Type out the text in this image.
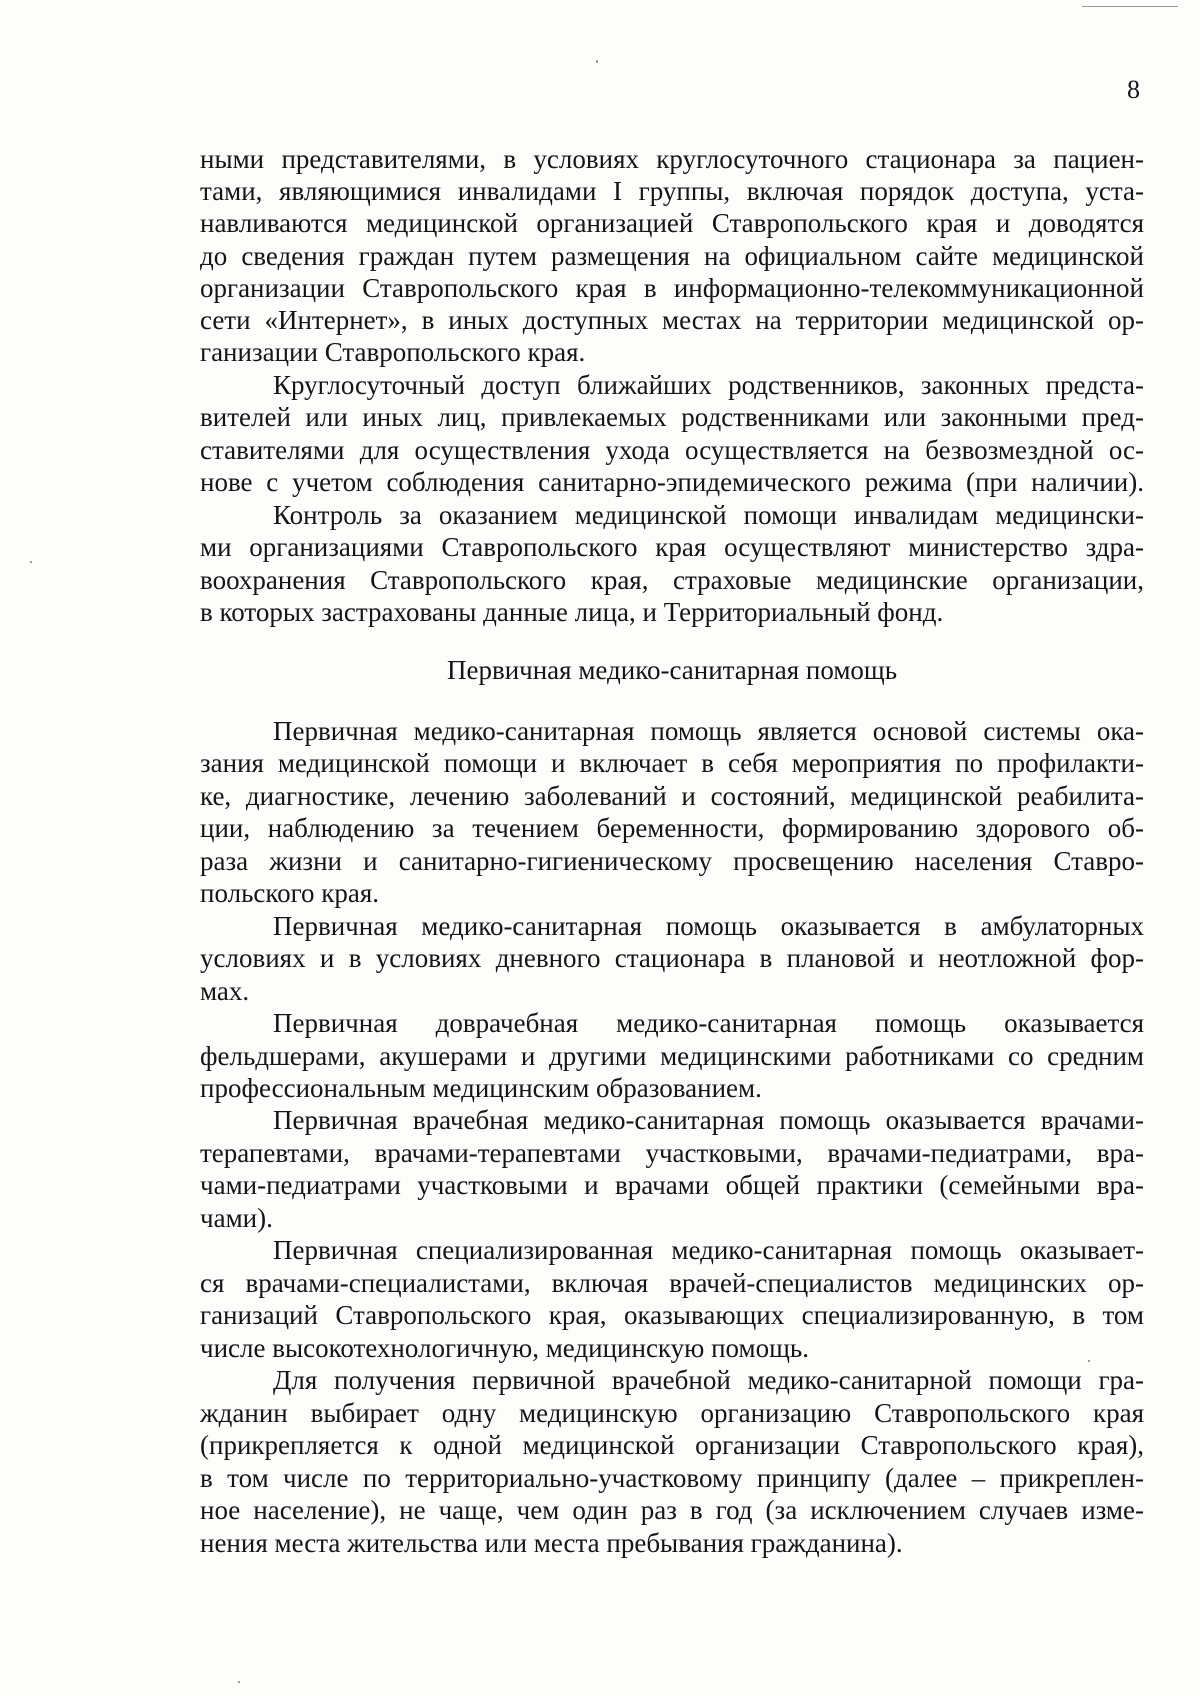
8
ными представителями, в условиях круглосуточного стационара за пациен-
тами, являющимися инвалидами I группы, включая порядок доступа, уста-
навливаются медицинской организацией Ставропольского края и доводятся
до сведения граждан путем размещения на официальном сайте медицинской
организации Ставропольского края в информационно-телекоммуникационной
сети «Интернет», в иных доступных местах на территории медицинской ор-
ганизации Ставропольского края.
Круглосуточный доступ ближайших родственников, законных предста-
вителей или иных лиц, привлекаемых родственниками или законными пред-
ставителями для осуществления ухода осуществляется на безвозмездной ос-
нове с учетом соблюдения санитарно-эпидемического режима (при наличии).
Контроль за оказанием медицинской помощи инвалидам медицински-
ми организациями Ставропольского края осуществляют министерство здра-
воохранения Ставропольского края, страховые медицинские организации,
в которых застрахованы данные лица, и Территориальный фонд.
Первичная медико-санитарная помощь
Первичная медико-санитарная помощь является основой системы ока-
зания медицинской помощи и включает в себя мероприятия по профилакти-
ке, диагностике, лечению заболеваний и состояний, медицинской реабилита-
ции, наблюдению за течением беременности, формированию здорового об-
раза жизни и санитарно-гигиеническому просвещению населения Ставро-
польского края.
Первичная медико-санитарная помощь оказывается в амбулаторных
условиях и в условиях дневного стационара в плановой и неотложной фор-
мах.
Первичная доврачебная медико-санитарная помощь оказывается
фельдшерами, акушерами и другими медицинскими работниками со средним
профессиональным медицинским образованием.
Первичная врачебная медико-санитарная помощь оказывается врачами-
терапевтами, врачами-терапевтами участковыми, врачами-педиатрами, вра-
чами-педиатрами участковыми и врачами общей практики (семейными вра-
чами).
Первичная специализированная медико-санитарная помощь оказывает-
ся врачами-специалистами, включая врачей-специалистов медицинских ор-
ганизаций Ставропольского края, оказывающих специализированную, в том
числе высокотехнологичную, медицинскую помощь.
Для получения первичной врачебной медико-санитарной помощи гра-
жданин выбирает одну медицинскую организацию Ставропольского края
(прикрепляется к одной медицинской организации Ставропольского края),
в том числе по территориально-участковому принципу (далее – прикреплен-
ное население), не чаще, чем один раз в год (за исключением случаев изме-
нения места жительства или места пребывания гражданина).
